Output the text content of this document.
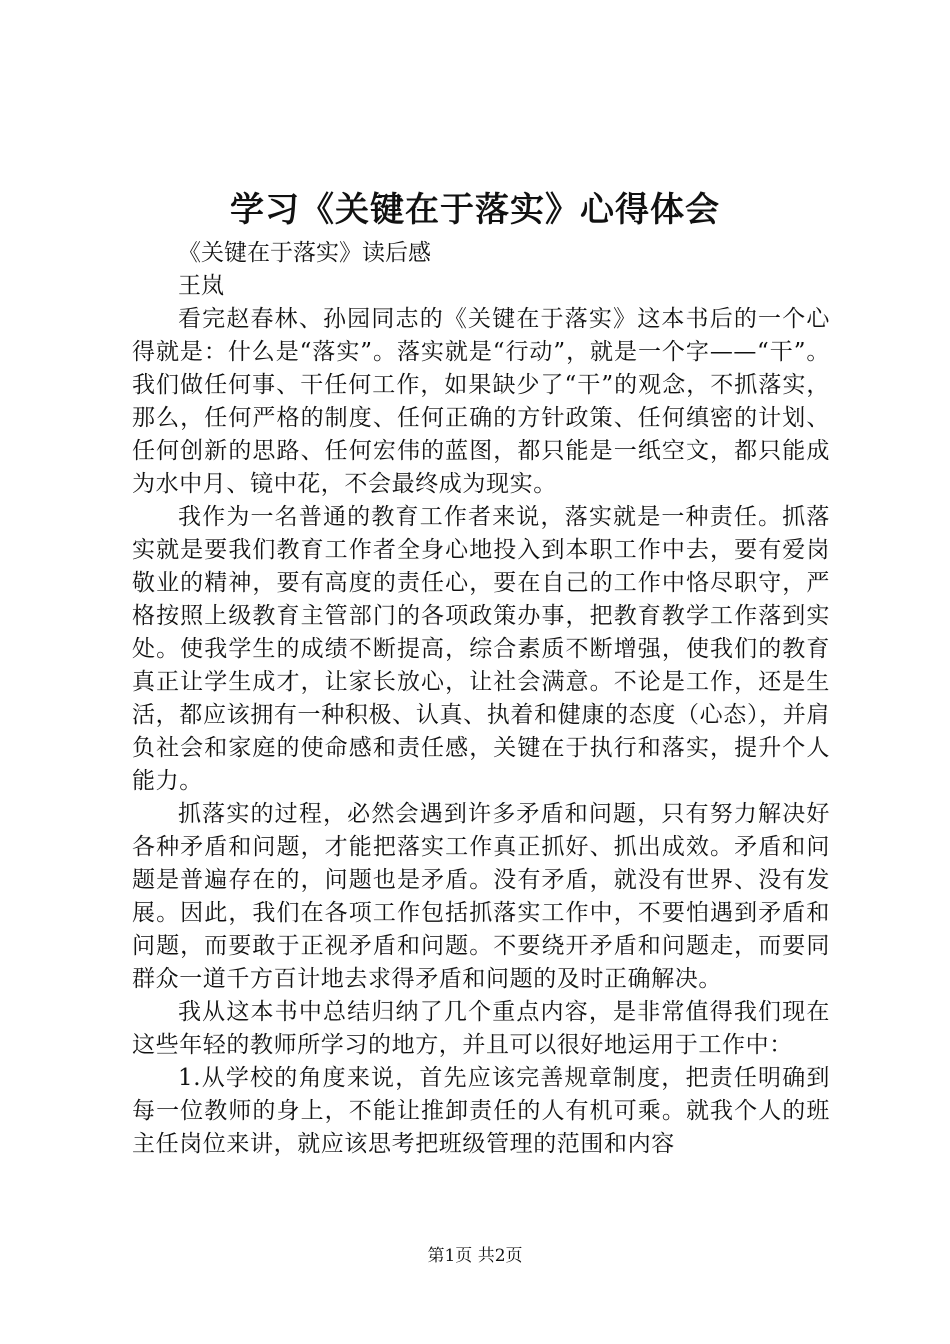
学习《关键在于落实》心得体会

《关键在于落实》读后感

王岚

看完赵春林、孙园同志的《关键在于落实》这本书后的一个心得就是：什么是“落实”。落实就是“行动”，就是一个字——“干”。我们做任何事、干任何工作，如果缺少了“干”的观念，不抓落实，那么，任何严格的制度、任何正确的方针政策、任何缜密的计划、任何创新的思路、任何宏伟的蓝图，都只能是一纸空文，都只能成为水中月、镜中花，不会最终成为现实。

我作为一名普通的教育工作者来说，落实就是一种责任。抓落实就是要我们教育工作者全身心地投入到本职工作中去，要有爱岗敬业的精神，要有高度的责任心，要在自己的工作中恪尽职守，严格按照上级教育主管部门的各项政策办事，把教育教学工作落到实处。使我学生的成绩不断提高，综合素质不断增强，使我们的教育真正让学生成才，让家长放心，让社会满意。不论是工作，还是生活，都应该拥有一种积极、认真、执着和健康的态度（心态），并肩负社会和家庭的使命感和责任感，关键在于执行和落实，提升个人能力。

抓落实的过程，必然会遇到许多矛盾和问题，只有努力解决好各种矛盾和问题，才能把落实工作真正抓好、抓出成效。矛盾和问题是普遍存在的，问题也是矛盾。没有矛盾，就没有世界、没有发展。因此，我们在各项工作包括抓落实工作中，不要怕遇到矛盾和问题，而要敢于正视矛盾和问题。不要绕开矛盾和问题走，而要同群众一道千方百计地去求得矛盾和问题的及时正确解决。

我从这本书中总结归纳了几个重点内容，是非常值得我们现在这些年轻的教师所学习的地方，并且可以很好地运用于工作中：

1.从学校的角度来说，首先应该完善规章制度，把责任明确到每一位教师的身上，不能让推卸责任的人有机可乘。就我个人的班主任岗位来讲，就应该思考把班级管理的范围和内容

第1页 共2页
